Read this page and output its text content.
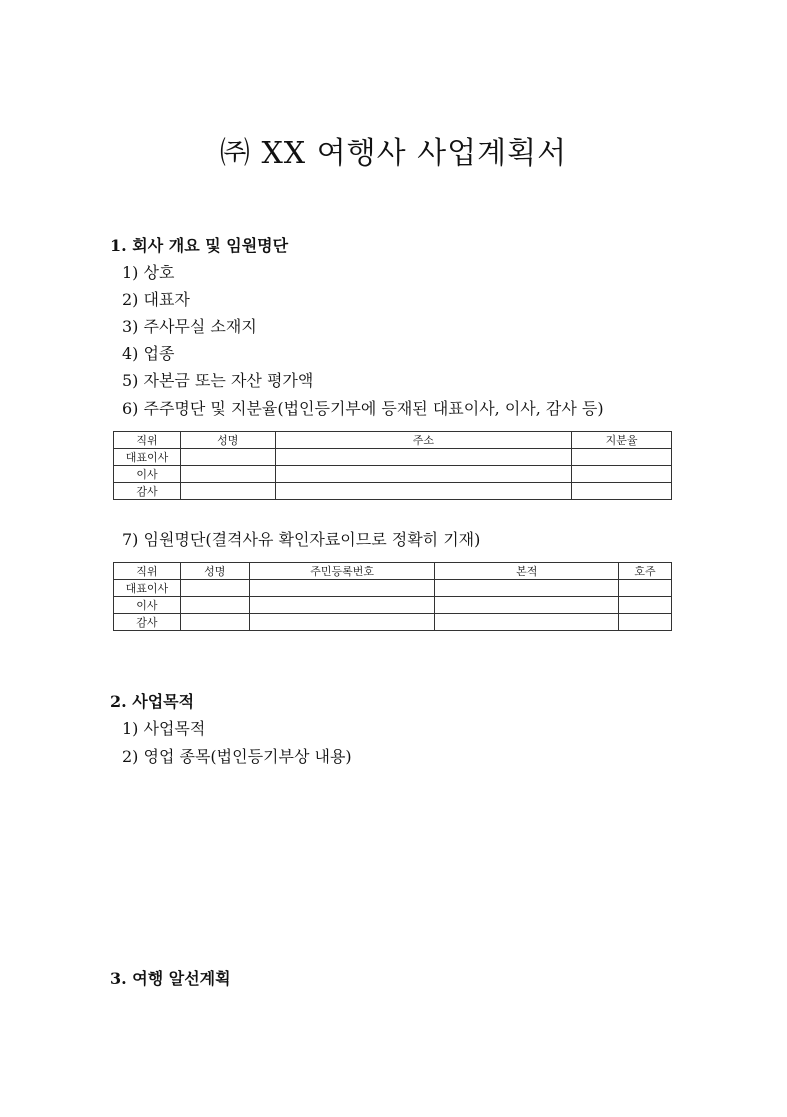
㈜ XX 여행사 사업계획서
1. 회사 개요 및 임원명단
1) 상호
2) 대표자
3) 주사무실 소재지
4) 업종
5) 자본금 또는 자산 평가액
6) 주주명단 및 지분율(법인등기부에 등재된 대표이사, 이사, 감사 등)
직위	성명	주소	지분율
대표이사			
이사			
감사			
7) 임원명단(결격사유 확인자료이므로 정확히 기재)
직위	성명	주민등록번호	본적	호주
대표이사				
이사				
감사				
2. 사업목적
1) 사업목적
2) 영업 종목(법인등기부상 내용)
3. 여행 알선계획
